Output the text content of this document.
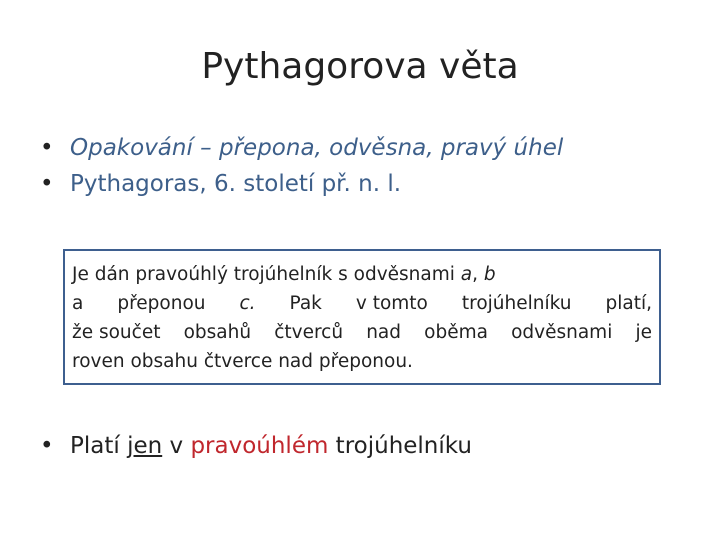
Pythagorova věta
• Opakování – přepona, odvěsna, pravý úhel
• Pythagoras, 6. století př. n. l.
Je dán pravoúhlý trojúhelník s odvěsnami a, b
a přeponou c. Pak v tomto trojúhelníku platí,
že součet obsahů čtverců nad oběma odvěsnami je
roven obsahu čtverce nad přeponou.
• Platí jen v pravoúhlém trojúhelníku
